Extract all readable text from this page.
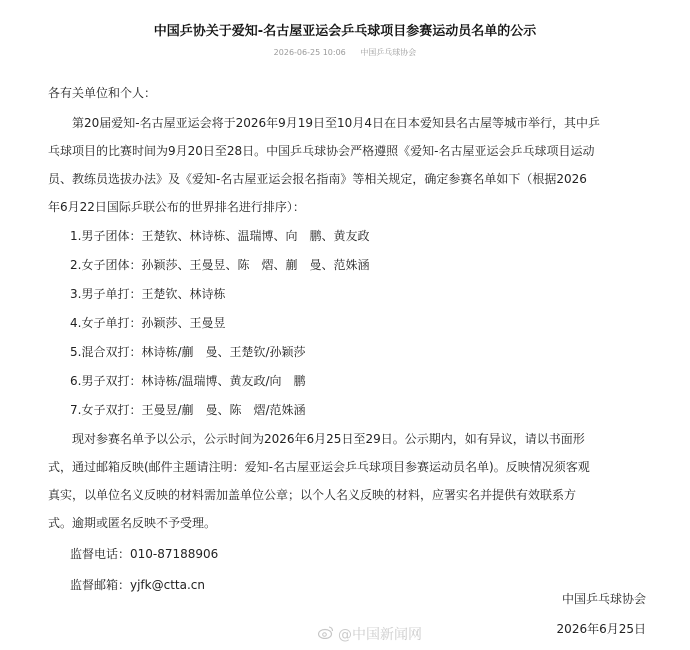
中国乒协关于爱知-名古屋亚运会乒乓球项目参赛运动员名单的公示
2026-06-25 10:06 中国乒乓球协会

各有关单位和个人：

第20届爱知-名古屋亚运会将于2026年9月19日至10月4日在日本爱知县名古屋等城市举行，其中乒

乓球项目的比赛时间为9月20日至28日。中国乒乓球协会严格遵照《爱知-名古屋亚运会乒乓球项目运动

员、教练员选拔办法》及《爱知-名古屋亚运会报名指南》等相关规定，确定参赛名单如下（根据2026

年6月22日国际乒联公布的世界排名进行排序）：

1.男子团体：王楚钦、林诗栋、温瑞博、向　鹏、黄友政

2.女子团体：孙颖莎、王曼昱、陈　熠、蒯　曼、范姝涵

3.男子单打：王楚钦、林诗栋

4.女子单打：孙颖莎、王曼昱

5.混合双打：林诗栋/蒯　曼、王楚钦/孙颖莎

6.男子双打：林诗栋/温瑞博、黄友政/向　鹏

7.女子双打：王曼昱/蒯　曼、陈　熠/范姝涵

现对参赛名单予以公示，公示时间为2026年6月25日至29日。公示期内，如有异议，请以书面形

式，通过邮箱反映(邮件主题请注明：爱知-名古屋亚运会乒乓球项目参赛运动员名单)。反映情况须客观

真实，以单位名义反映的材料需加盖单位公章；以个人名义反映的材料，应署实名并提供有效联系方

式。逾期或匿名反映不予受理。

监督电话：010-87188906

监督邮箱：yjfk@ctta.cn

中国乒乓球协会
@中国新闻网	2026年6月25日
